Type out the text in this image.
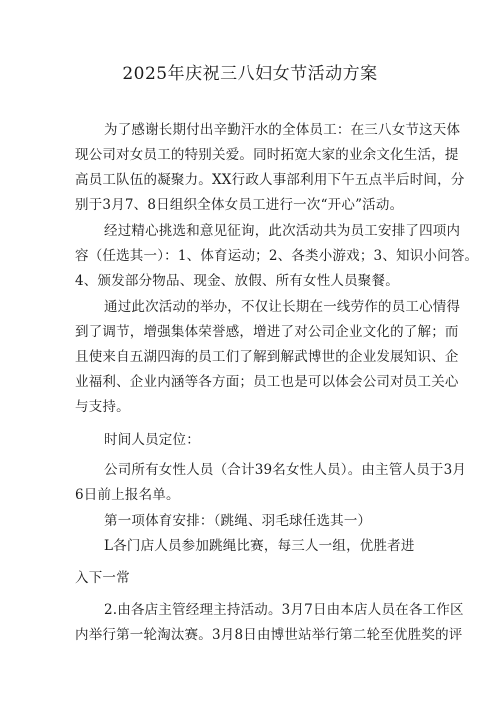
2025年庆祝三八妇女节活动方案
为了感谢长期付出辛勤汗水的全体员工：在三八女节这天体
现公司对女员工的特别关爱。同时拓宽大家的业余文化生活，提
高员工队伍的凝聚力。XX行政人事部利用下午五点半后时间，分
别于3月7、8日组织全体女员工进行一次“开心”活动。
经过精心挑选和意见征询，此次活动共为员工安排了四项内
容（任选其一）：1、体育运动；2、各类小游戏；3、知识小问答。
4、颁发部分物品、现金、放假、所有女性人员聚餐。
通过此次活动的举办，不仅让长期在一线劳作的员工心情得
到了调节，增强集体荣誉感，增进了对公司企业文化的了解；而
且使来自五湖四海的员工们了解到解武博世的企业发展知识、企
业福利、企业内涵等各方面；员工也是可以体会公司对员工关心
与支持。
时间人员定位：
公司所有女性人员（合计39名女性人员）。由主管人员于3月
6日前上报名单。
第一项体育安排：（跳绳、羽毛球任选其一）
L各门店人员参加跳绳比赛，每三人一组，优胜者进
入下一常
2.由各店主管经理主持活动。3月7日由本店人员在各工作区
内举行第一轮淘汰赛。3月8日由博世站举行第二轮至优胜奖的评
